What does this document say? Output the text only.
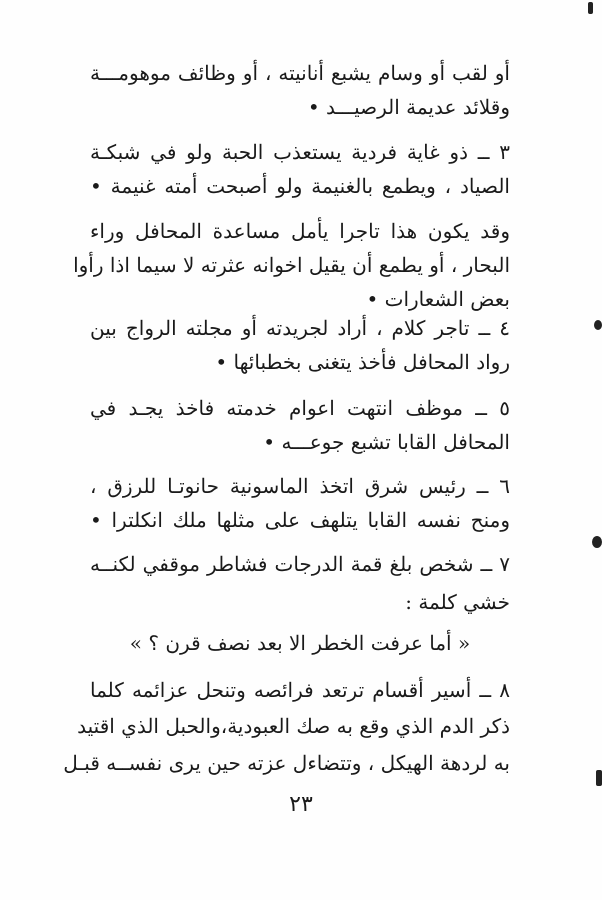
أو لقب أو وسام يشبع أنانيته ، أو وظائف موهومـــة
وقلائد عديمة الرصيـــد •
٣ ــ ذو غاية فردية يستعذب الحبة ولو في شبكـة
الصياد ، ويطمع بالغنيمة ولو أصبحت أمته غنيمة •
وقد يكون هذا تاجرا يأمل مساعدة المحافل وراء
البحار ، أو يطمع أن يقيل اخوانه عثرته لا سيما اذا رأوا
بعض الشعارات •
٤ ــ تاجر كلام ، أراد لجريدته أو مجلته الرواج بين
رواد المحافل فأخذ يتغنى بخطبائها •
٥ ــ موظف انتهت اعوام خدمته فاخذ يجـد في
المحافل القابا تشبع جوعـــه •
٦ ــ رئيس شرق اتخذ الماسونية حانوتـا للرزق ،
ومنح نفسه القابا يتلهف على مثلها ملك انكلترا •
٧ ــ شخص بلغ قمة الدرجات فشاطر موقفي لكنــه
خشي كلمة :
« أما عرفت الخطر الا بعد نصف قرن ؟ »
٨ ــ أسير أقسام ترتعد فرائصه وتنحل عزائمه كلما
ذكر الدم الذي وقع به صك العبودية،والحبل الذي اقتيد
به لردهة الهيكل ، وتتضاءل عزته حين يرى نفســه قبـل
٢٣
